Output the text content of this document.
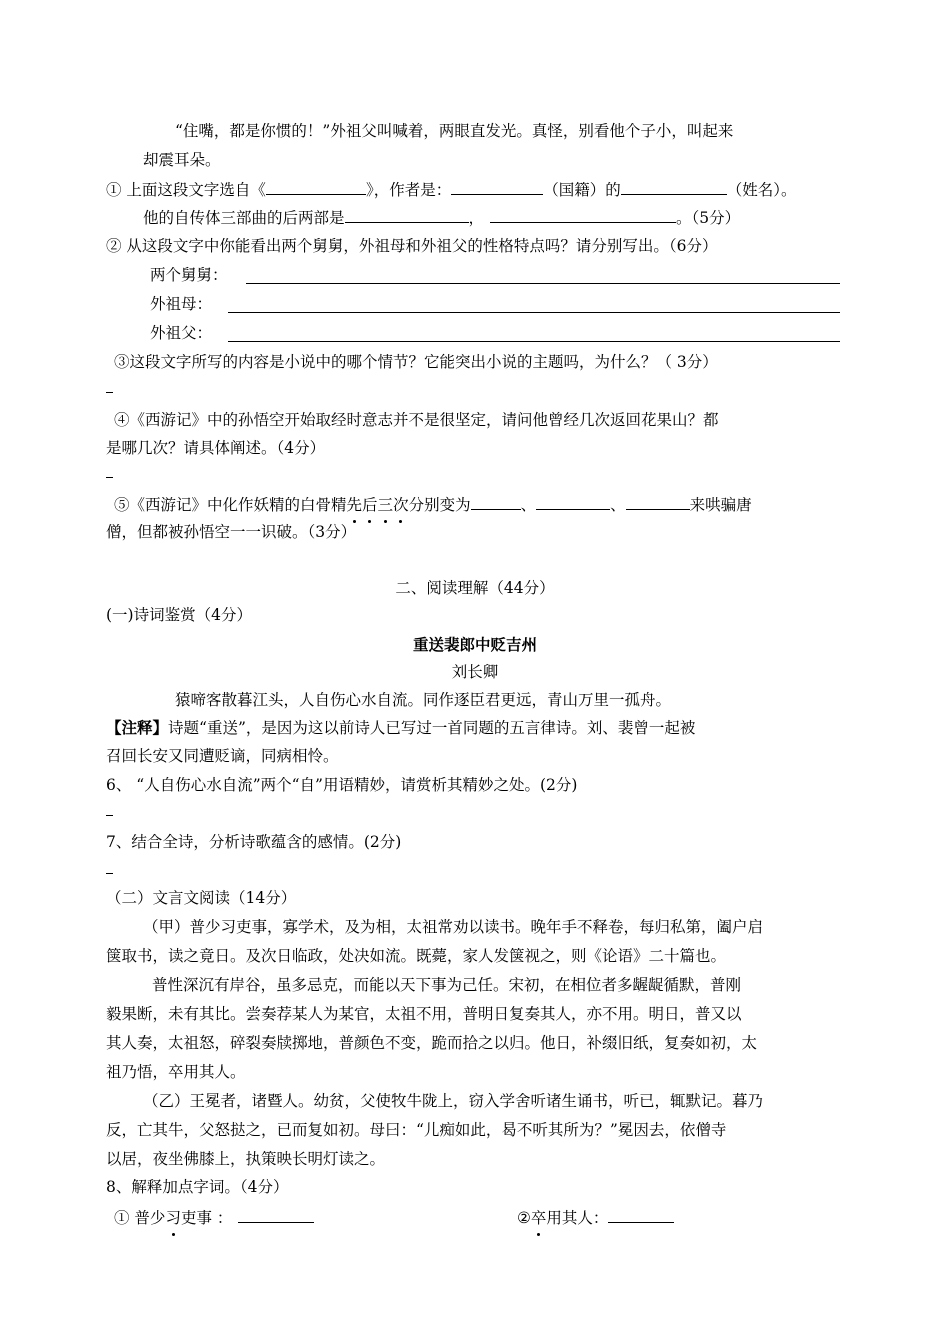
“住嘴，都是你惯的！”外祖父叫喊着，两眼直发光。真怪，别看他个子小，叫起来
却震耳朵。
① 上面这段文字选自《	》，作者是：	（国籍）的	（姓名）。
他的自传体三部曲的后两部是	，	。（5分）
② 从这段文字中你能看出两个舅舅，外祖母和外祖父的性格特点吗？请分别写出。（6分）
两个舅舅：
外祖母：
外祖父：
③这段文字所写的内容是小说中的哪个情节？它能突出小说的主题吗，为什么？（ 3分）
④《西游记》中的孙悟空开始取经时意志并不是很坚定，请问他曾经几次返回花果山？都
是哪几次？请具体阐述。（4分）
⑤《西游记》中化作妖精的白骨精先后三次分别变为	、	、	来哄骗唐
僧，但都被孙悟空一一识破。（3分）
二、阅读理解（44分）
(一)诗词鉴赏（4分）
重送裴郎中贬吉州
刘长卿
猿啼客散暮江头，人自伤心水自流。同作逐臣君更远，青山万里一孤舟。
【注释】诗题“重送”，是因为这以前诗人已写过一首同题的五言律诗。刘、裴曾一起被
召回长安又同遭贬谪，同病相怜。
6、 “人自伤心水自流”两个“自”用语精妙，请赏析其精妙之处。(2分)
7、结合全诗，分析诗歌蕴含的感情。(2分)
（二）文言文阅读（14分）
（甲）普少习吏事，寡学术，及为相，太祖常劝以读书。晚年手不释卷，每归私第，阖户启
箧取书，读之竟日。及次日临政，处决如流。既薨，家人发箧视之，则《论语》二十篇也。
普性深沉有岸谷，虽多忌克，而能以天下事为己任。宋初，在相位者多龌龊循默，普刚
毅果断，未有其比。尝奏荐某人为某官，太祖不用，普明日复奏其人，亦不用。明日，普又以
其人奏，太祖怒，碎裂奏牍掷地，普颜色不变，跪而拾之以归。他日，补缀旧纸，复奏如初，太
祖乃悟，卒用其人。
（乙）王冕者，诸暨人。幼贫，父使牧牛陇上，窃入学舍听诸生诵书，听已，辄默记。暮乃
反，亡其牛，父怒挞之，已而复如初。母曰：“儿痴如此，曷不听其所为？”冕因去，依僧寺
以居，夜坐佛膝上，执策映长明灯读之。
8、解释加点字词。（4分）
① 普少习吏事 ：	②卒用其人：
